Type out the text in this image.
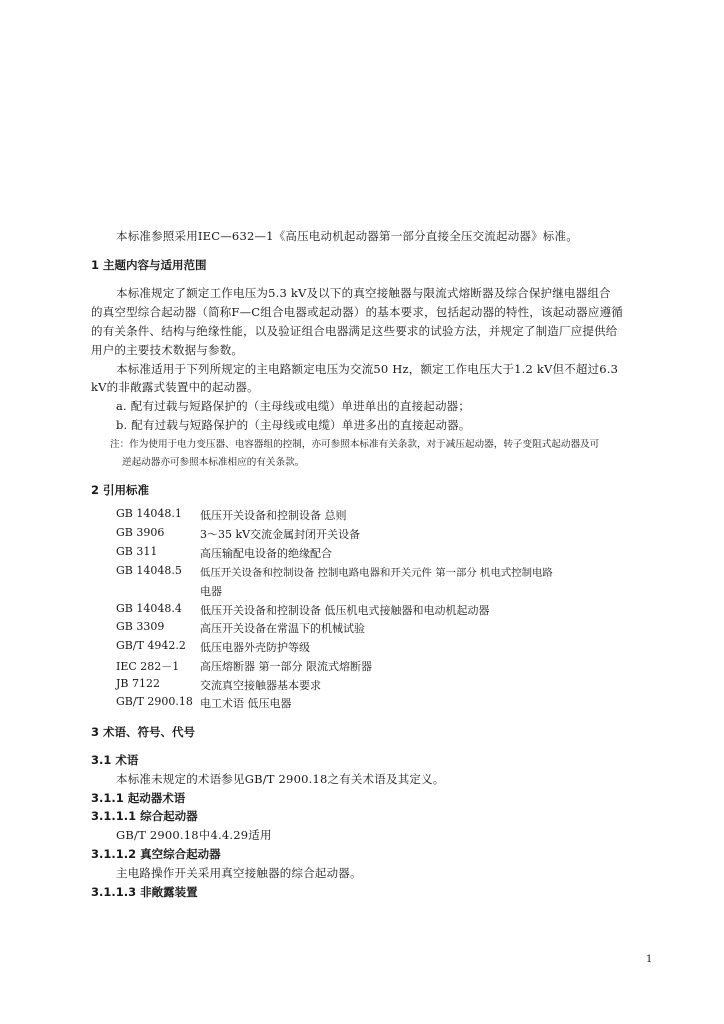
本标准参照采用IEC—632—1《高压电动机起动器第一部分直接全压交流起动器》标准。
1 主题内容与适用范围
本标准规定了额定工作电压为5.3 kV及以下的真空接触器与限流式熔断器及综合保护继电器组合
的真空型综合起动器（简称F—C组合电器或起动器）的基本要求，包括起动器的特性，该起动器应遵循
的有关条件、结构与绝缘性能，以及验证组合电器满足这些要求的试验方法，并规定了制造厂应提供给
用户的主要技术数据与参数。
本标准适用于下列所规定的主电路额定电压为交流50 Hz，额定工作电压大于1.2 kV但不超过6.3
kV的非敞露式装置中的起动器。
a. 配有过载与短路保护的（主母线或电缆）单进单出的直接起动器；
b. 配有过载与短路保护的（主母线或电缆）单进多出的直接起动器。
注：作为使用于电力变压器、电容器组的控制，亦可参照本标准有关条款，对于减压起动器，转子变阻式起动器及可
逆起动器亦可参照本标准相应的有关条款。
2 引用标准
GB 14048.1 低压开关设备和控制设备 总则
GB 3906	3～35 kV交流金属封闭开关设备
GB 311	高压输配电设备的绝缘配合
GB 14048.5 低压开关设备和控制设备 控制电路电器和开关元件 第一部分 机电式控制电路
电器
GB 14048.4 低压开关设备和控制设备 低压机电式接触器和电动机起动器
GB 3309	高压开关设备在常温下的机械试验
GB/T 4942.2 低压电器外壳防护等级
IEC 282－1 高压熔断器 第一部分 限流式熔断器
JB 7122	交流真空接触器基本要求
GB/T 2900.18 电工术语 低压电器
3 术语、符号、代号
3.1 术语
本标准未规定的术语参见GB/T 2900.18之有关术语及其定义。
3.1.1 起动器术语
3.1.1.1 综合起动器
GB/T 2900.18中4.4.29适用
3.1.1.2 真空综合起动器
主电路操作开关采用真空接触器的综合起动器。
3.1.1.3 非敞露装置
1
